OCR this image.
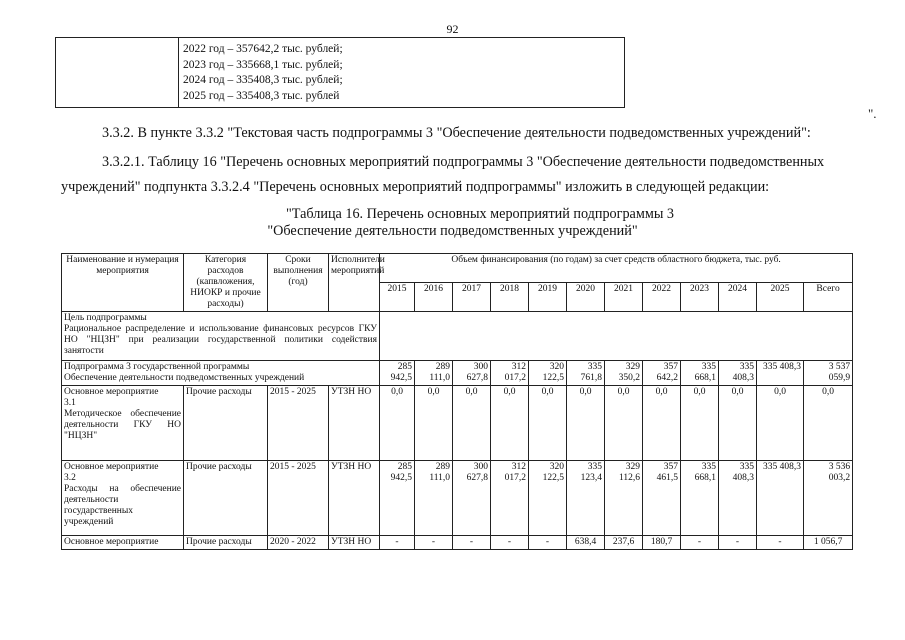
92

2022 год – 357642,2 тыс. рублей;
2023 год – 335668,1 тыс. рублей;
2024 год – 335408,3 тыс. рублей;
2025 год – 335408,3 тыс. рублей
".
3.3.2. В пункте 3.3.2 "Текстовая часть подпрограммы 3 "Обеспечение деятельности подведомственных учреждений":
3.3.2.1. Таблицу 16 "Перечень основных мероприятий подпрограммы 3 "Обеспечение деятельности подведомственных
учреждений" подпункта 3.3.2.4 "Перечень основных мероприятий подпрограммы" изложить в следующей редакции:
"Таблица 16. Перечень основных мероприятий подпрограммы 3
"Обеспечение деятельности подведомственных учреждений"
Наименование и нумерация мероприятия	Категория расходов (капвложения, НИОКР и прочие расходы)	Сроки выполнения (год)	Исполнители мероприятий	Объем финансирования (по годам) за счет средств областного бюджета, тыс. руб.											
				2015	2016	2017	2018	2019	2020	2021	2022	2023	2024	2025	Всего

Цель подпрограммы
Рациональное распределение и использование финансовых ресурсов ГКУ НО "НЦЗН" при реализации государственной политики содействия занятости															

Подпрограмма 3 государственной программы
Обеспечение деятельности подведомственных учреждений				285 942,5	289 111,0	300 627,8	312 017,2	320 122,5	335 761,8	329 350,2	357 642,2	335 668,1	335 408,3	335 408,3	3 537 059,9

Основное мероприятие
3.1
Методическое обеспечение деятельности ГКУ НО "НЦЗН"	Прочие расходы	2015 - 2025	УТЗН НО	0,0	0,0	0,0	0,0	0,0	0,0	0,0	0,0	0,0	0,0	0,0	0,0

Основное мероприятие
3.2
Расходы на обеспечение деятельности государственных учреждений	Прочие расходы	2015 - 2025	УТЗН НО	285 942,5	289 111,0	300 627,8	312 017,2	320 122,5	335 123,4	329 112,6	357 461,5	335 668,1	335 408,3	335 408,3	3 536 003,2

Основное мероприятие	Прочие расходы	2020 - 2022	УТЗН НО	-	-	-	-	-	638,4	237,6	180,7	-	-	-	1 056,7
